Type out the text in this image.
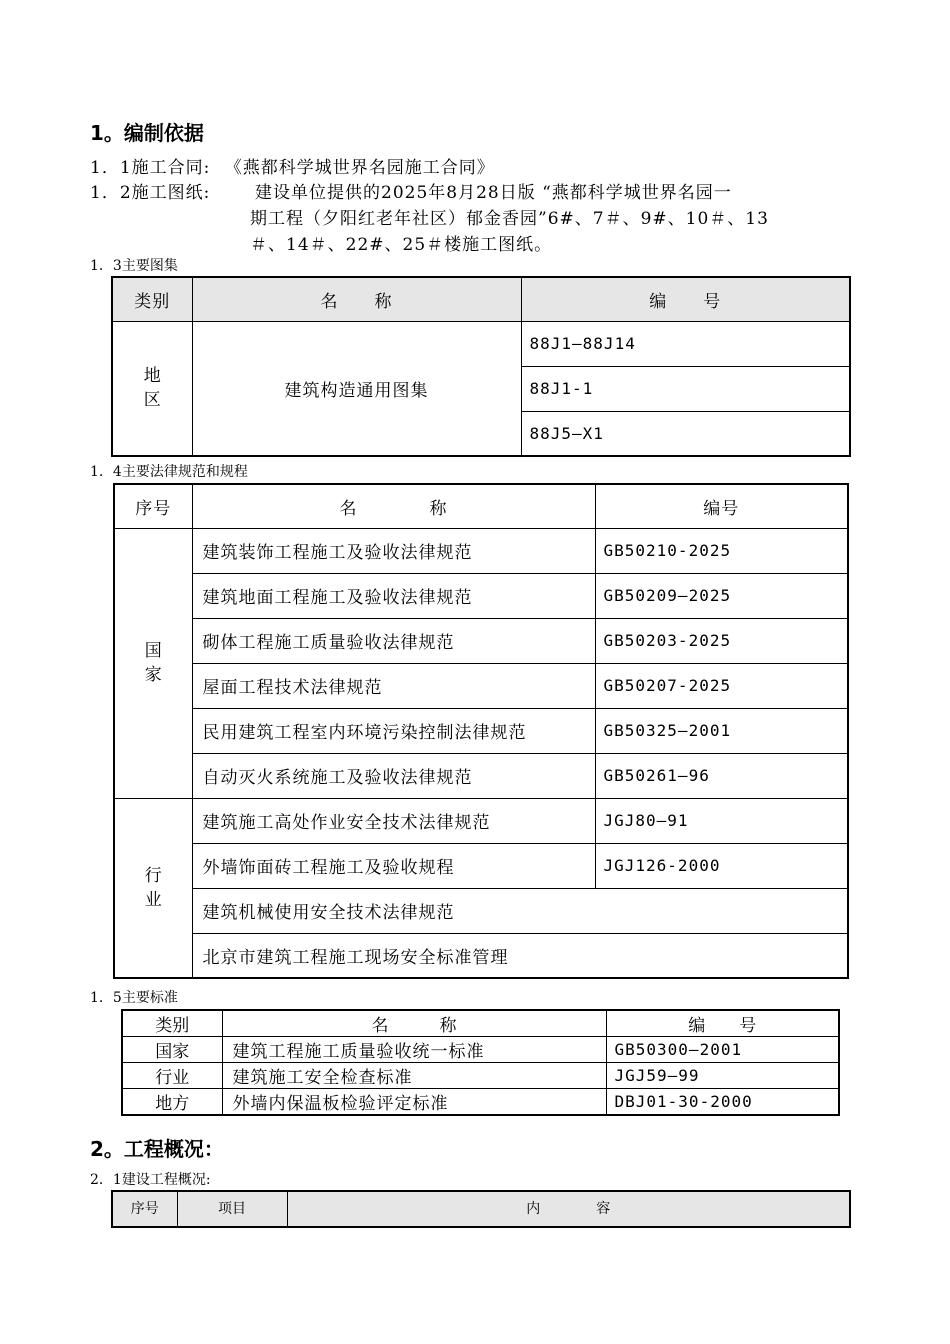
1。编制依据
1．1施工合同: 《燕都科学城世界名园施工合同》
1．2施工图纸:	建设单位提供的2025年8月28日版 “燕都科学城世界名园一
期工程（夕阳红老年社区）郁金香园”6#、7＃、9#、10＃、13
＃、14＃、22#、25＃楼施工图纸。
1．3主要图集
类别	名　　称	编　　号

地区	建筑构造通用图集	88J1—88J14
		88J1-1
		88J5—X1
1．4主要法律规范和规程
序号	名　　　　称	编号

国家	建筑装饰工程施工及验收法律规范	GB50210-2025
	建筑地面工程施工及验收法律规范	GB50209—2025
	砌体工程施工质量验收法律规范	GB50203-2025
	屋面工程技术法律规范	GB50207-2025
	民用建筑工程室内环境污染控制法律规范	GB50325—2001
	自动灭火系统施工及验收法律规范	GB50261—96

行业	建筑施工高处作业安全技术法律规范	JGJ80—91
	外墙饰面砖工程施工及验收规程	JGJ126-2000
	建筑机械使用安全技术法律规范	
	北京市建筑工程施工现场安全标准管理	
1．5主要标准
类别	名　　　称	编　　号
国家	建筑工程施工质量验收统一标准	GB50300—2001
行业	建筑施工安全检查标准	JGJ59—99
地方	外墙内保温板检验评定标准	DBJ01-30-2000
2。工程概况：
2．1建设工程概况:
序号	项目	内　　　　容
